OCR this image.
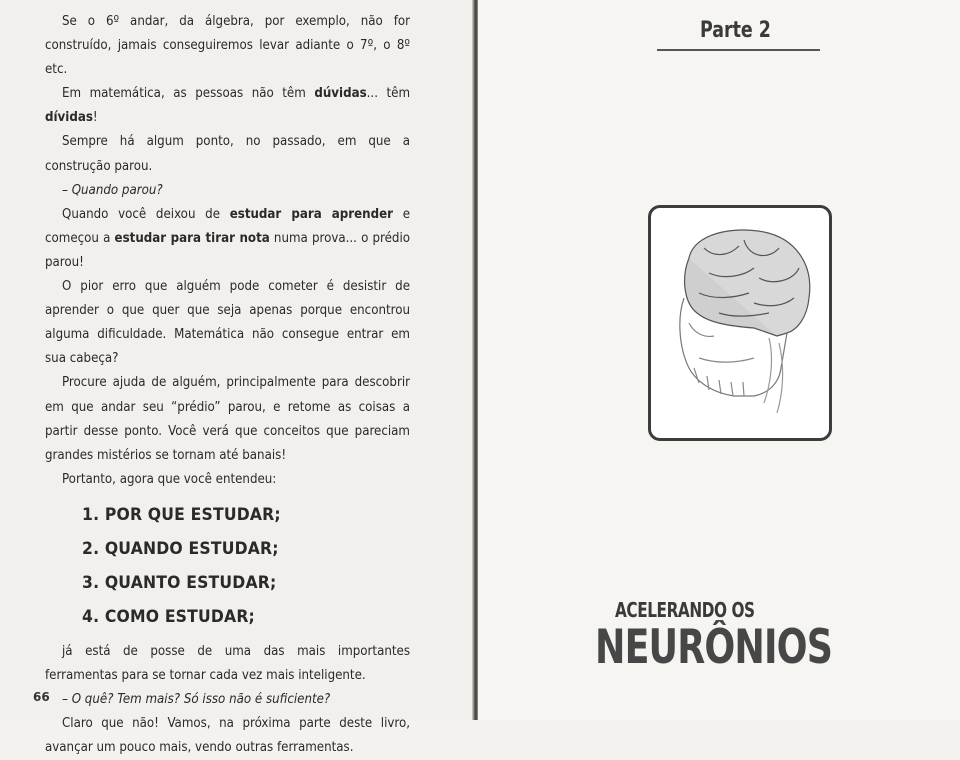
Se o 6º andar, da álgebra, por exemplo, não for construído, jamais conseguiremos levar adiante o 7º, o 8º etc.

Em matemática, as pessoas não têm dúvidas... têm dívidas!

Sempre há algum ponto, no passado, em que a construção parou.

– Quando parou?

Quando você deixou de estudar para aprender e começou a estudar para tirar nota numa prova... o prédio parou!

O pior erro que alguém pode cometer é desistir de aprender o que quer que seja apenas porque encontrou alguma dificuldade. Matemática não consegue entrar em sua cabeça?

Procure ajuda de alguém, principalmente para descobrir em que andar seu “prédio” parou, e retome as coisas a partir desse ponto. Você verá que conceitos que pareciam grandes mistérios se tornam até banais!

Portanto, agora que você entendeu:

1. POR QUE ESTUDAR;
2. QUANDO ESTUDAR;
3. QUANTO ESTUDAR;
4. COMO ESTUDAR;

já está de posse de uma das mais importantes ferramentas para se tornar cada vez mais inteligente.

– O quê? Tem mais? Só isso não é suficiente?

Claro que não! Vamos, na próxima parte deste livro, avançar um pouco mais, vendo outras ferramentas.

66
Parte 2
ACELERANDO OS
NEURÔNIOS
